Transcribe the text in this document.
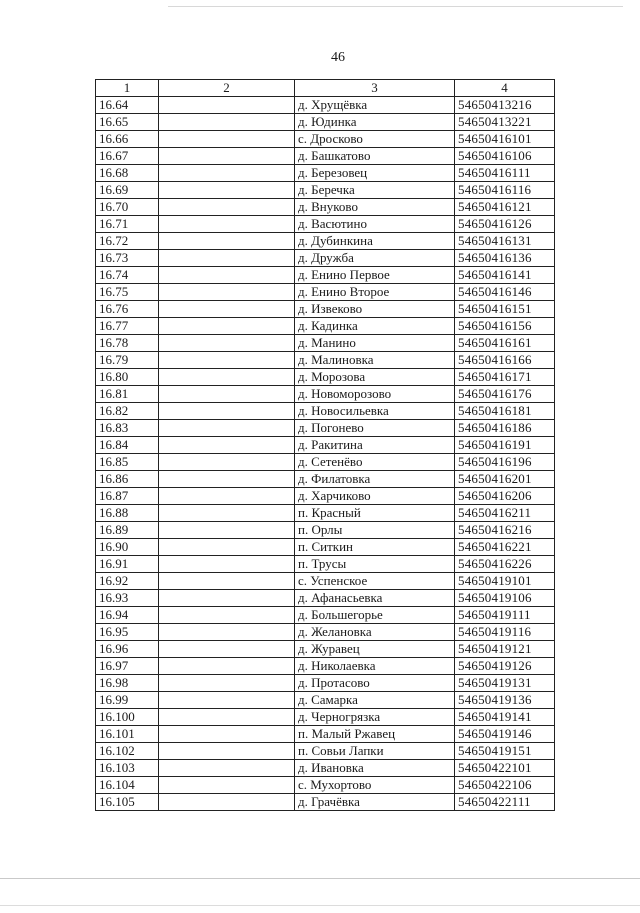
46
1	2	3	4
16.64		д. Хрущёвка	54650413216
16.65		д. Юдинка	54650413221
16.66		с. Дросково	54650416101
16.67		д. Башкатово	54650416106
16.68		д. Березовец	54650416111
16.69		д. Беречка	54650416116
16.70		д. Внуково	54650416121
16.71		д. Васютино	54650416126
16.72		д. Дубинкина	54650416131
16.73		д. Дружба	54650416136
16.74		д. Енино Первое	54650416141
16.75		д. Енино Второе	54650416146
16.76		д. Извеково	54650416151
16.77		д. Кадинка	54650416156
16.78		д. Манино	54650416161
16.79		д. Малиновка	54650416166
16.80		д. Морозова	54650416171
16.81		д. Новоморозово	54650416176
16.82		д. Новосильевка	54650416181
16.83		д. Погонево	54650416186
16.84		д. Ракитина	54650416191
16.85		д. Сетенёво	54650416196
16.86		д. Филатовка	54650416201
16.87		д. Харчиково	54650416206
16.88		п. Красный	54650416211
16.89		п. Орлы	54650416216
16.90		п. Ситкин	54650416221
16.91		п. Трусы	54650416226
16.92		с. Успенское	54650419101
16.93		д. Афанасьевка	54650419106
16.94		д. Большегорье	54650419111
16.95		д. Желановка	54650419116
16.96		д. Журавец	54650419121
16.97		д. Николаевка	54650419126
16.98		д. Протасово	54650419131
16.99		д. Самарка	54650419136
16.100		д. Черногрязка	54650419141
16.101		п. Малый Ржавец	54650419146
16.102		п. Совьи Лапки	54650419151
16.103		д. Ивановка	54650422101
16.104		с. Мухортово	54650422106
16.105		д. Грачёвка	54650422111
